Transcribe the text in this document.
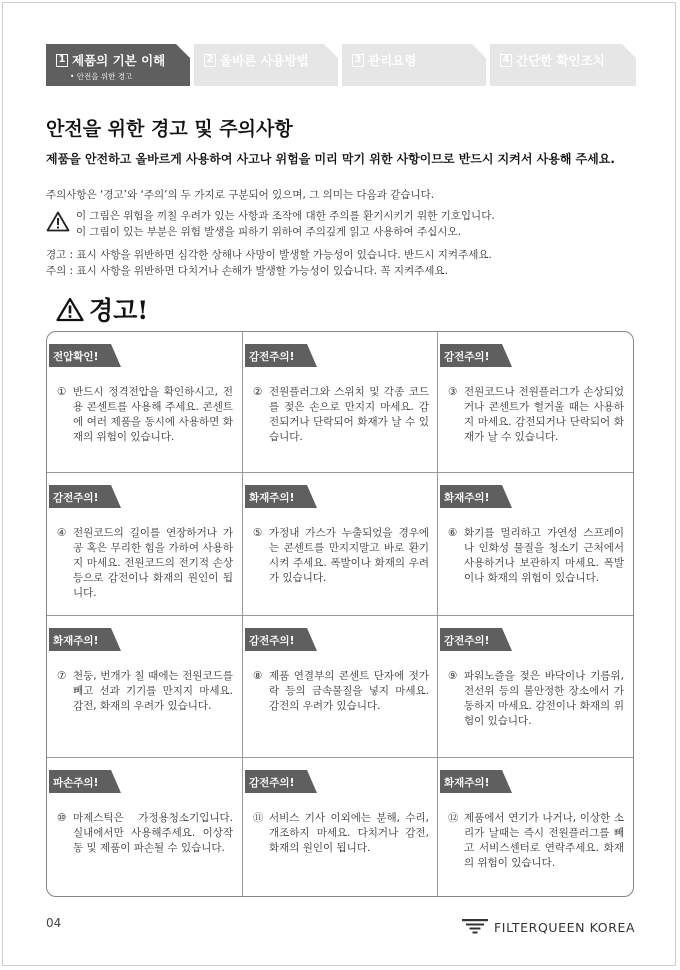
1 제품의 기본 이해
• 안전을 위한 경고
2 올바른 사용방법	3 관리요령	4 간단한 확인조치
안전을 위한 경고 및 주의사항
제품을 안전하고 올바르게 사용하여 사고나 위험을 미리 막기 위한 사항이므로 반드시 지켜서 사용해 주세요.
주의사항은 ‘경고’와 ‘주의’의 두 가지로 구분되어 있으며, 그 의미는 다음과 같습니다.
이 그림은 위험을 끼칠 우려가 있는 사항과 조작에 대한 주의를 환기시키기 위한 기호입니다.
이 그림이 있는 부분은 위험 발생을 피하기 위하여 주의깊게 읽고 사용하여 주십시오.
경고 : 표시 사항을 위반하면 심각한 상해나 사망이 발생할 가능성이 있습니다. 반드시 지켜주세요.
주의 : 표시 사항을 위반하면 다치거나 손해가 발생할 가능성이 있습니다. 꼭 지켜주세요.
경고!
전압확인!
① 반드시 정격전압을 확인하시고, 전용 콘센트를 사용해 주세요. 콘센트에 여러 제품을 동시에 사용하면 화재의 위험이 있습니다.
감전주의!
② 전원플러그와 스위치 및 각종 코드를 젖은 손으로 만지지 마세요. 감전되거나 단락되어 화재가 날 수 있습니다.
감전주의!
③ 전원코드나 전원플러그가 손상되었거나 콘센트가 헐거울 때는 사용하지 마세요. 감전되거나 단락되어 화재가 날 수 있습니다.
감전주의!
④ 전원코드의 길이를 연장하거나 가공 혹은 무리한 힘을 가하여 사용하지 마세요. 전원코드의 전기적 손상 등으로 감전이나 화재의 원인이 됩니다.
화재주의!
⑤ 가정내 가스가 누출되었을 경우에는 콘센트를 만지지말고 바로 환기시켜 주세요. 폭발이나 화재의 우려가 있습니다.
화재주의!
⑥ 화기를 멀리하고 가연성 스프레이나 인화성 물질을 청소기 근처에서 사용하거나 보관하지 마세요. 폭발이나 화재의 위험이 있습니다.
화재주의!
⑦ 천둥, 번개가 칠 때에는 전원코드를 빼고 선과 기기를 만지지 마세요. 감전, 화재의 우려가 있습니다.
감전주의!
⑧ 제품 연결부의 콘센트 단자에 젓가락 등의 금속물질을 넣지 마세요. 감전의 우려가 있습니다.
감전주의!
⑨ 파워노즐을 젖은 바닥이나 기름위, 전선위 등의 불안정한 장소에서 가동하지 마세요. 감전이나 화재의 위험이 있습니다.
파손주의!
⑩ 마제스틱은 가정용청소기입니다. 실내에서만 사용해주세요. 이상작동 및 제품이 파손될 수 있습니다.
감전주의!
⑪ 서비스 기사 이외에는 분해, 수리, 개조하지 마세요. 다치거나 감전, 화재의 원인이 됩니다.
화재주의!
⑫ 제품에서 연기가 나거나, 이상한 소리가 날때는 즉시 전원플러그를 빼고 서비스센터로 연락주세요. 화재의 위험이 있습니다.
04	FILTERQUEEN KOREA
